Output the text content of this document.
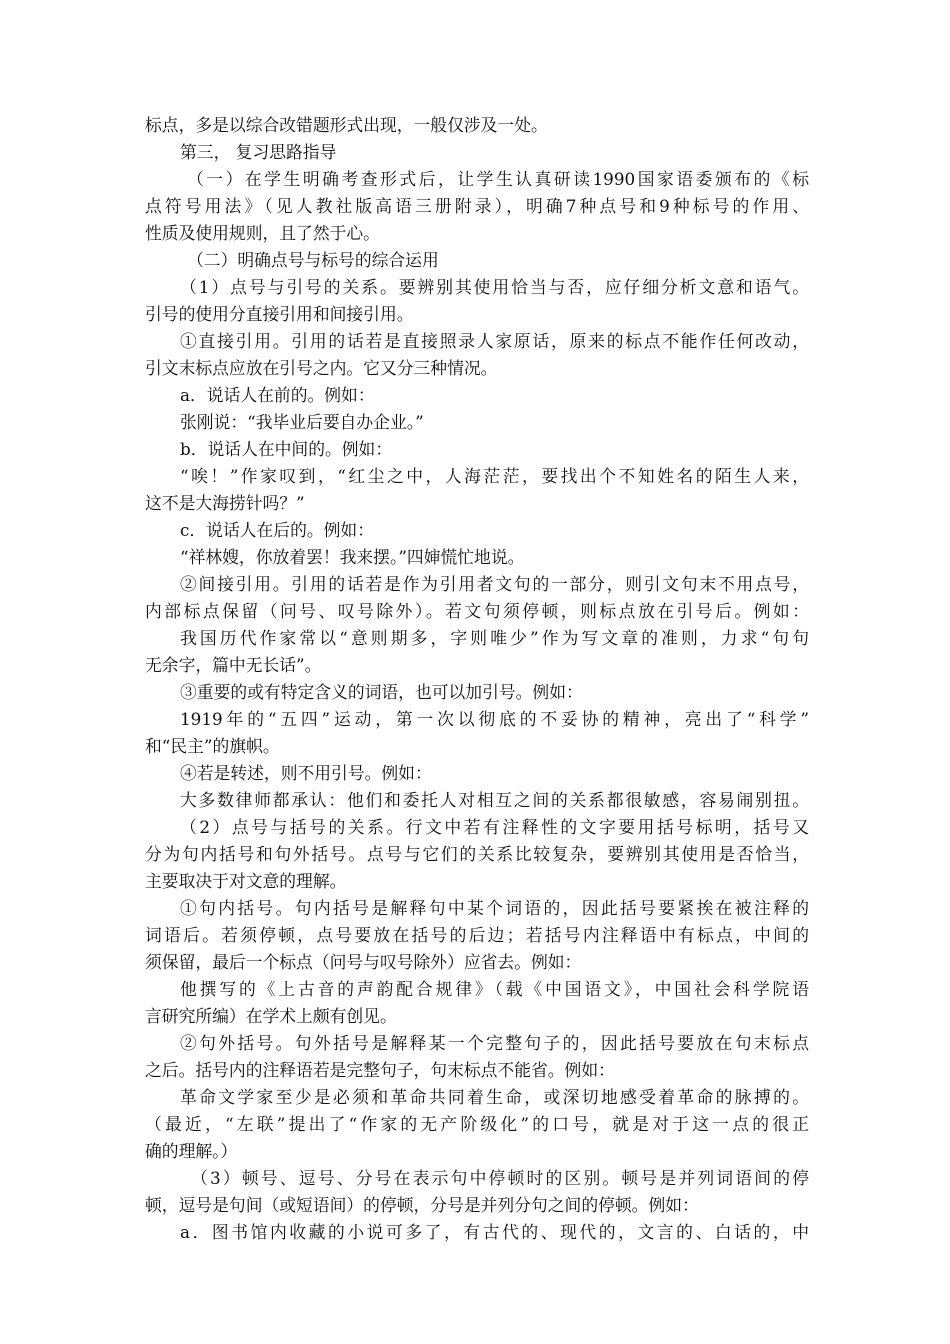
标点，多是以综合改错题形式出现，一般仅涉及一处。
第三， 复习思路指导
（一）在学生明确考查形式后，让学生认真研读1990国家语委颁布的《标
点符号用法》（见人教社版高语三册附录），明确7种点号和9种标号的作用、
性质及使用规则，且了然于心。
（二）明确点号与标号的综合运用
（1）点号与引号的关系。要辨别其使用恰当与否，应仔细分析文意和语气。
引号的使用分直接引用和间接引用。
①直接引用。引用的话若是直接照录人家原话，原来的标点不能作任何改动，
引文末标点应放在引号之内。它又分三种情况。
a．说话人在前的。例如：
张刚说：“我毕业后要自办企业。”
b．说话人在中间的。例如：
“唉！”作家叹到，“红尘之中，人海茫茫，要找出个不知姓名的陌生人来，
这不是大海捞针吗？”
c．说话人在后的。例如：
“祥林嫂，你放着罢！我来摆。”四婶慌忙地说。
②间接引用。引用的话若是作为引用者文句的一部分，则引文句末不用点号，
内部标点保留（问号、叹号除外）。若文句须停顿，则标点放在引号后。例如：
我国历代作家常以“意则期多，字则唯少”作为写文章的准则，力求“句句
无余字，篇中无长话”。
③重要的或有特定含义的词语，也可以加引号。例如：
1919年的“五四”运动，第一次以彻底的不妥协的精神，亮出了“科学”
和“民主”的旗帜。
④若是转述，则不用引号。例如：
大多数律师都承认：他们和委托人对相互之间的关系都很敏感，容易闹别扭。
（2）点号与括号的关系。行文中若有注释性的文字要用括号标明，括号又
分为句内括号和句外括号。点号与它们的关系比较复杂，要辨别其使用是否恰当，
主要取决于对文意的理解。
①句内括号。句内括号是解释句中某个词语的，因此括号要紧挨在被注释的
词语后。若须停顿，点号要放在括号的后边；若括号内注释语中有标点，中间的
须保留，最后一个标点（问号与叹号除外）应省去。例如：
他撰写的《上古音的声韵配合规律》（载《中国语文》，中国社会科学院语
言研究所编）在学术上颇有创见。
②句外括号。句外括号是解释某一个完整句子的，因此括号要放在句末标点
之后。括号内的注释语若是完整句子，句末标点不能省。例如：
革命文学家至少是必须和革命共同着生命，或深切地感受着革命的脉搏的。
（最近，“左联”提出了“作家的无产阶级化”的口号，就是对于这一点的很正
确的理解。）
（3）顿号、逗号、分号在表示句中停顿时的区别。顿号是并列词语间的停
顿，逗号是句间（或短语间）的停顿，分号是并列分句之间的停顿。例如：
a．图书馆内收藏的小说可多了，有古代的、现代的，文言的、白话的，中
